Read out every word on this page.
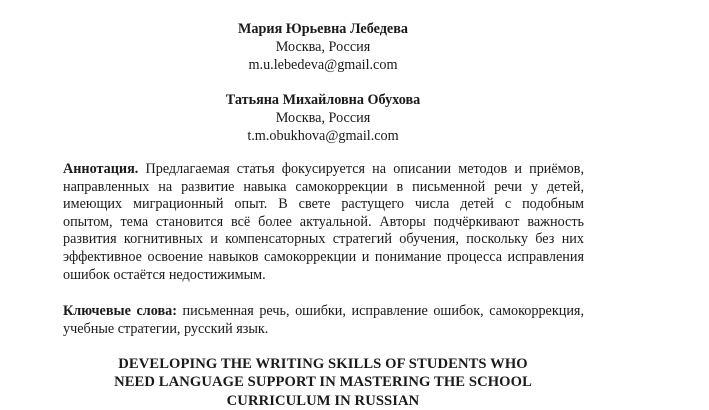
Мария Юрьевна Лебедева
Москва, Россия
m.u.lebedeva@gmail.com
Татьяна Михайловна Обухова
Москва, Россия
t.m.obukhova@gmail.com
Аннотация. Предлагаемая статья фокусируется на описании методов и приёмов,
направленных на развитие навыка самокоррекции в письменной речи у детей,
имеющих миграционный опыт. В свете растущего числа детей с подобным
опытом, тема становится всё более актуальной. Авторы подчёркивают важность
развития когнитивных и компенсаторных стратегий обучения, поскольку без них
эффективное освоение навыков самокоррекции и понимание процесса исправления
ошибок остаётся недостижимым.
Ключевые слова: письменная речь, ошибки, исправление ошибок, самокоррекция,
учебные стратегии, русский язык.
DEVELOPING THE WRITING SKILLS OF STUDENTS WHO
NEED LANGUAGE SUPPORT IN MASTERING THE SCHOOL
CURRICULUM IN RUSSIAN
